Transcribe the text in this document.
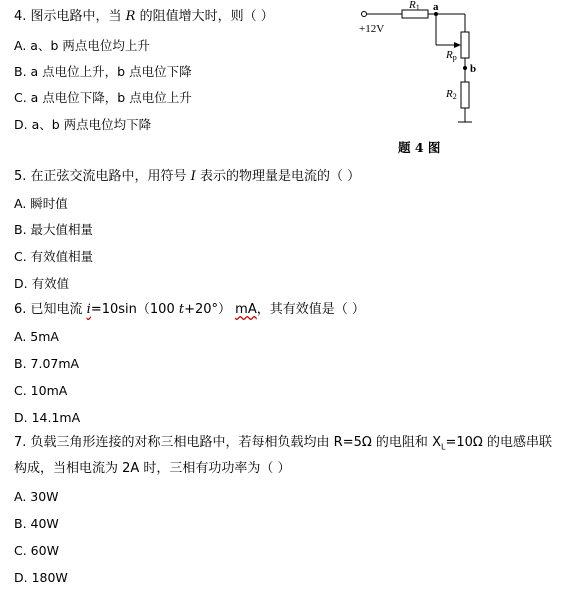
4. 图示电路中，当 R 的阻值增大时，则（ ）
A. a、b 两点电位均上升
B. a 点电位上升，b 点电位下降
C. a 点电位下降，b 点电位上升
D. a、b 两点电位均下降
+12V
R1 a
Rp
b
R2
题 4 图
5. 在正弦交流电路中，用符号 I 表示的物理量是电流的（ ）
A. 瞬时值
B. 最大值相量
C. 有效值相量
D. 有效值
6. 已知电流 i=10sin（100 t+20°） mA，其有效值是（ ）
A. 5mA
B. 7.07mA
C. 10mA
D. 14.1mA
7. 负载三角形连接的对称三相电路中，若每相负载均由 R=5Ω 的电阻和 $X_L=10\Omega$ 的电感串联
构成，当相电流为 2A 时，三相有功功率为（ ）
A. 30W
B. 40W
C. 60W
D. 180W
